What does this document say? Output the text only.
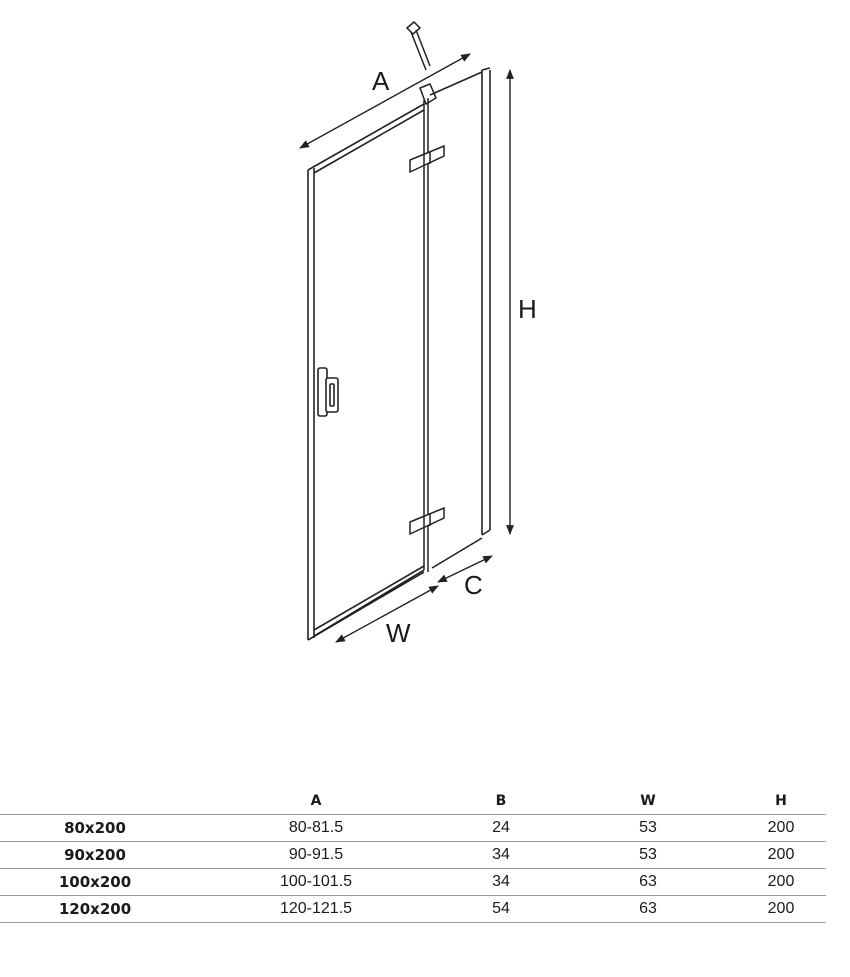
A
H
C
W
	A	B	W	H
80x200	80-81.5	24	53	200
90x200	90-91.5	34	53	200
100x200	100-101.5	34	63	200
120x200	120-121.5	54	63	200
